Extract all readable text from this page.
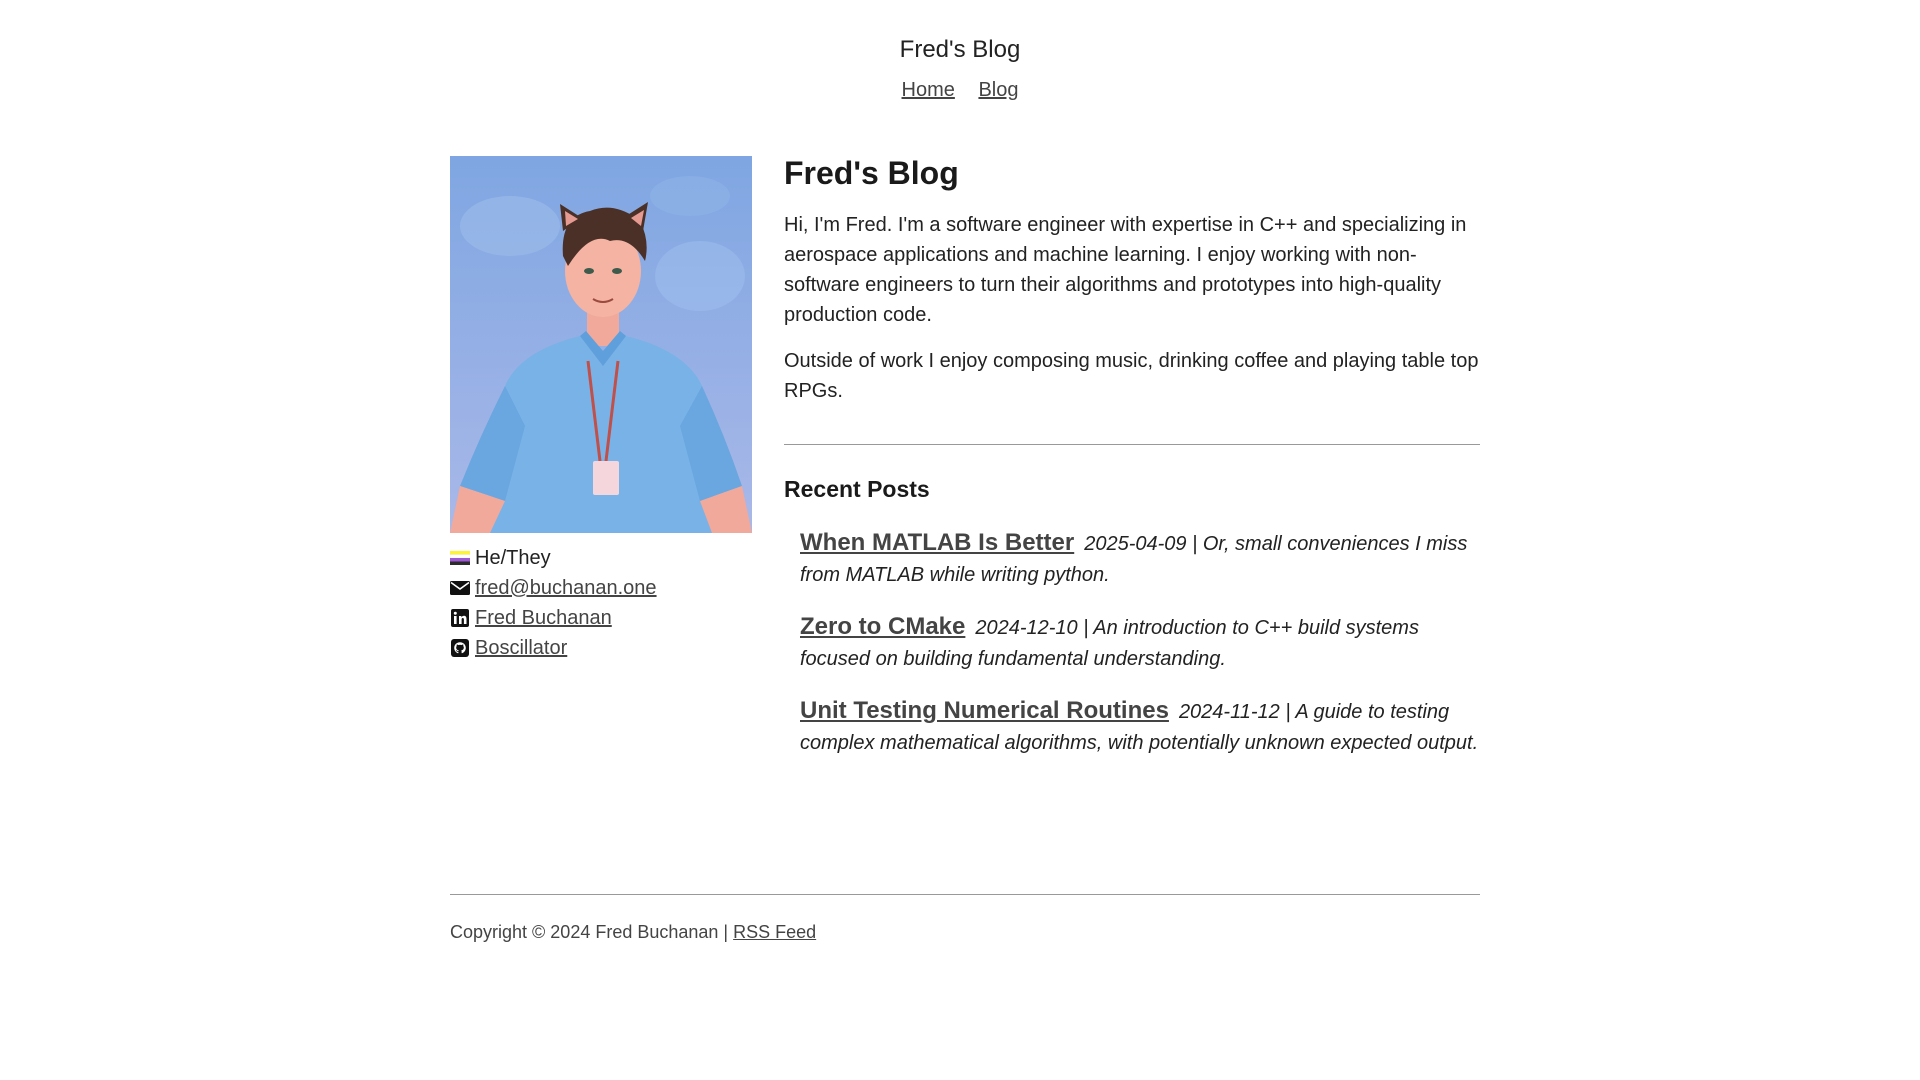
Fred's Blog
Home Blog
He/They
fred@buchanan.one
Fred Buchanan
Boscillator
Fred's Blog

Hi, I'm Fred. I'm a software engineer with expertise in C++ and specializing in aerospace applications and machine learning. I enjoy working with non-software engineers to turn their algorithms and prototypes into high-quality production code.

Outside of work I enjoy composing music, drinking coffee and playing table top RPGs.

Recent Posts
When MATLAB Is Better 2025-04-09 | Or, small conveniences I miss from MATLAB while writing python.
Zero to CMake 2024-12-10 | An introduction to C++ build systems focused on building fundamental understanding.
Unit Testing Numerical Routines 2024-11-12 | A guide to testing complex mathematical algorithms, with potentially unknown expected output.

Copyright © 2024 Fred Buchanan | RSS Feed
